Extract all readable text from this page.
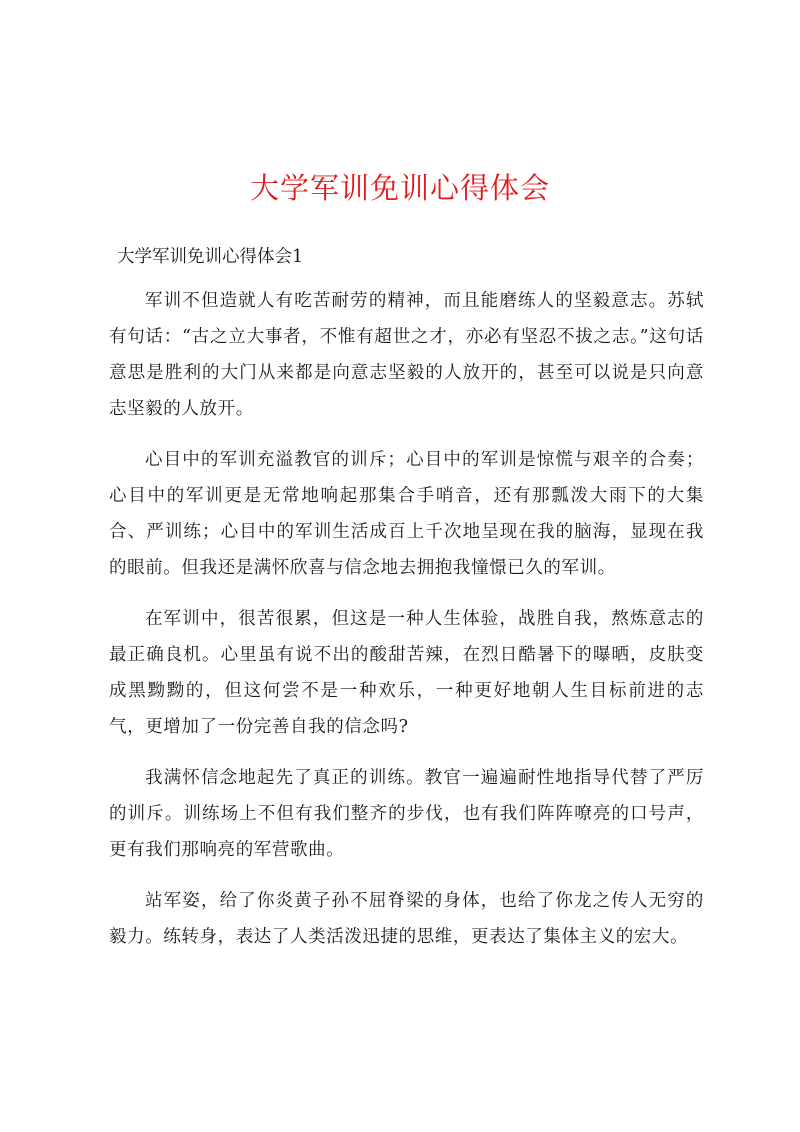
大学军训免训心得体会

大学军训免训心得体会1

军训不但造就人有吃苦耐劳的精神，而且能磨练人的坚毅意志。苏轼有句话：“古之立大事者，不惟有超世之才，亦必有坚忍不拔之志。”这句话意思是胜利的大门从来都是向意志坚毅的人放开的，甚至可以说是只向意志坚毅的人放开。

心目中的军训充溢教官的训斥；心目中的军训是惊慌与艰辛的合奏；心目中的军训更是无常地响起那集合手哨音，还有那瓢泼大雨下的大集合、严训练；心目中的军训生活成百上千次地呈现在我的脑海，显现在我的眼前。但我还是满怀欣喜与信念地去拥抱我憧憬已久的军训。

在军训中，很苦很累，但这是一种人生体验，战胜自我，熬炼意志的最正确良机。心里虽有说不出的酸甜苦辣，在烈日酷暑下的曝晒，皮肤变成黑黝黝的，但这何尝不是一种欢乐，一种更好地朝人生目标前进的志气，更增加了一份完善自我的信念吗?

我满怀信念地起先了真正的训练。教官一遍遍耐性地指导代替了严厉的训斥。训练场上不但有我们整齐的步伐，也有我们阵阵嘹亮的口号声，更有我们那响亮的军营歌曲。

站军姿，给了你炎黄子孙不屈脊梁的身体，也给了你龙之传人无穷的毅力。练转身，表达了人类活泼迅捷的思维，更表达了集体主义的宏大。
